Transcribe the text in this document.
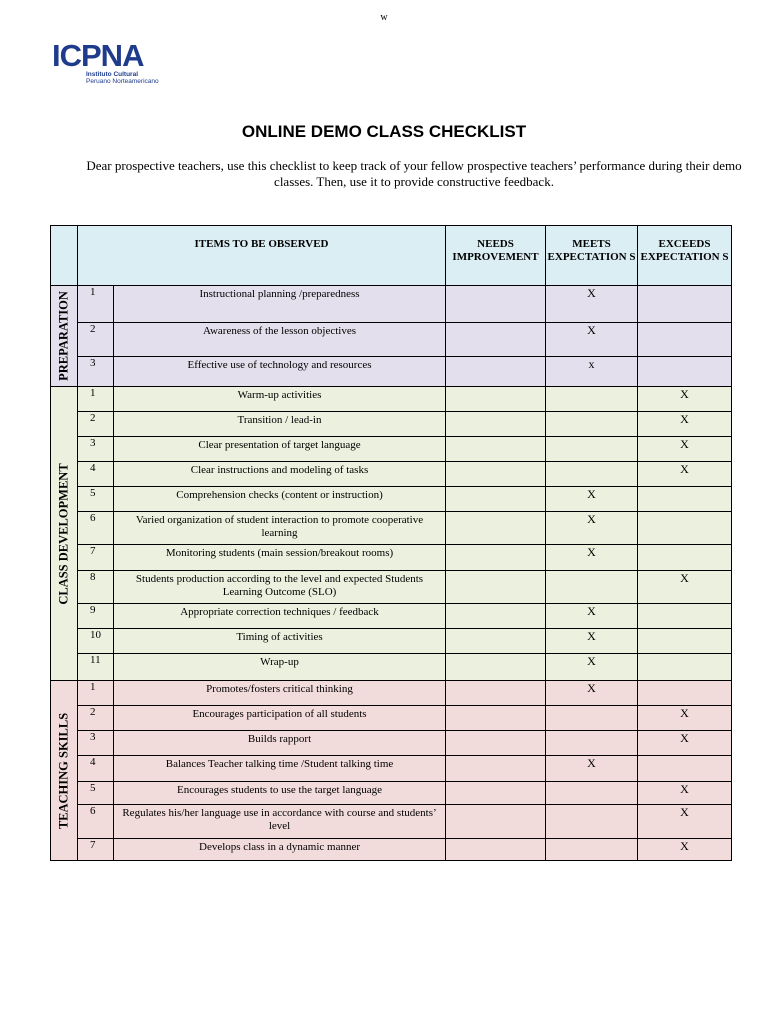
w
ICPNA
Instituto Cultural
Peruano Norteamericano
ONLINE DEMO CLASS CHECKLIST
Dear prospective teachers, use this checklist to keep track of your fellow prospective teachers’ performance during their demo classes. Then, use it to provide constructive feedback.
	ITEMS TO BE OBSERVED		NEEDS IMPROVEMENT	MEETS EXPECTATION S	EXCEEDS EXPECTATION S

PREPARATION	1	Instructional planning /preparedness		X	
	2	Awareness of the lesson objectives		X	
	3	Effective use of technology and resources		x	

CLASS DEVELOPMENT	1	Warm-up activities			X
	2	Transition / lead-in			X
	3	Clear presentation of target language			X
	4	Clear instructions and modeling of tasks			X
	5	Comprehension checks (content or instruction)		X	
	6	Varied organization of student interaction to promote cooperative learning		X	
	7	Monitoring students (main session/breakout rooms)		X	
	8	Students production according to the level and expected Students Learning Outcome (SLO)			X
	9	Appropriate correction techniques / feedback		X	
	10	Timing of activities		X	
	11	Wrap-up		X	

TEACHING SKILLS	1	Promotes/fosters critical thinking		X	
	2	Encourages participation of all students			X
	3	Builds rapport			X
	4	Balances Teacher talking time /Student talking time		X	
	5	Encourages students to use the target language			X
	6	Regulates his/her language use in accordance with course and students’ level			X
	7	Develops class in a dynamic manner			X
